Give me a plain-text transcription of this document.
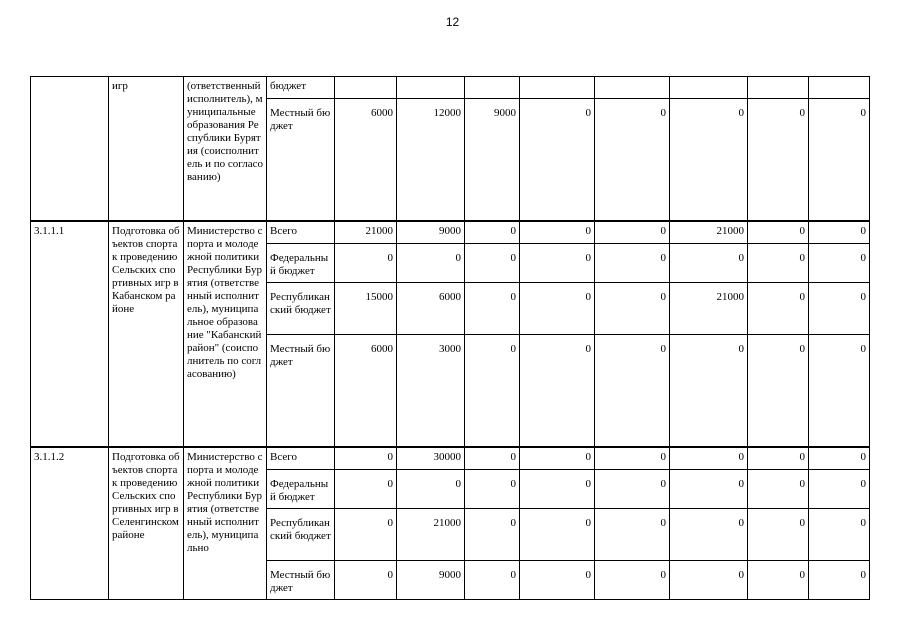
12
	игр	(ответственный исполнитель), муниципальные образования Республики Бурятия (соисполнитель и по согласованию)	бюджет								
			Местный бюджет	6000	12000	9000	0	0	0	0	0
3.1.1.1	Подготовка объектов спорта к проведению Сельских спортивных игр в Кабанском районе	Министерство спорта и молодежной политики Республики Бурятия (ответственный исполнитель), муниципальное образование "Кабанский район" (соисполнитель по согласованию)	Всего	21000	9000	0	0	0	21000	0	0
			Федеральный бюджет	0	0	0	0	0	0	0	0
			Республиканский бюджет	15000	6000	0	0	0	21000	0	0
			Местный бюджет	6000	3000	0	0	0	0	0	0
3.1.1.2	Подготовка объектов спорта к проведению Сельских спортивных игр в Селенгинском районе	Министерство спорта и молодежной политики Республики Бурятия (ответственный исполнитель), муниципально	Всего	0	30000	0	0	0	0	0	0
			Федеральный бюджет	0	0	0	0	0	0	0	0
			Республиканский бюджет	0	21000	0	0	0	0	0	0
			Местный бюджет	0	9000	0	0	0	0	0	0
